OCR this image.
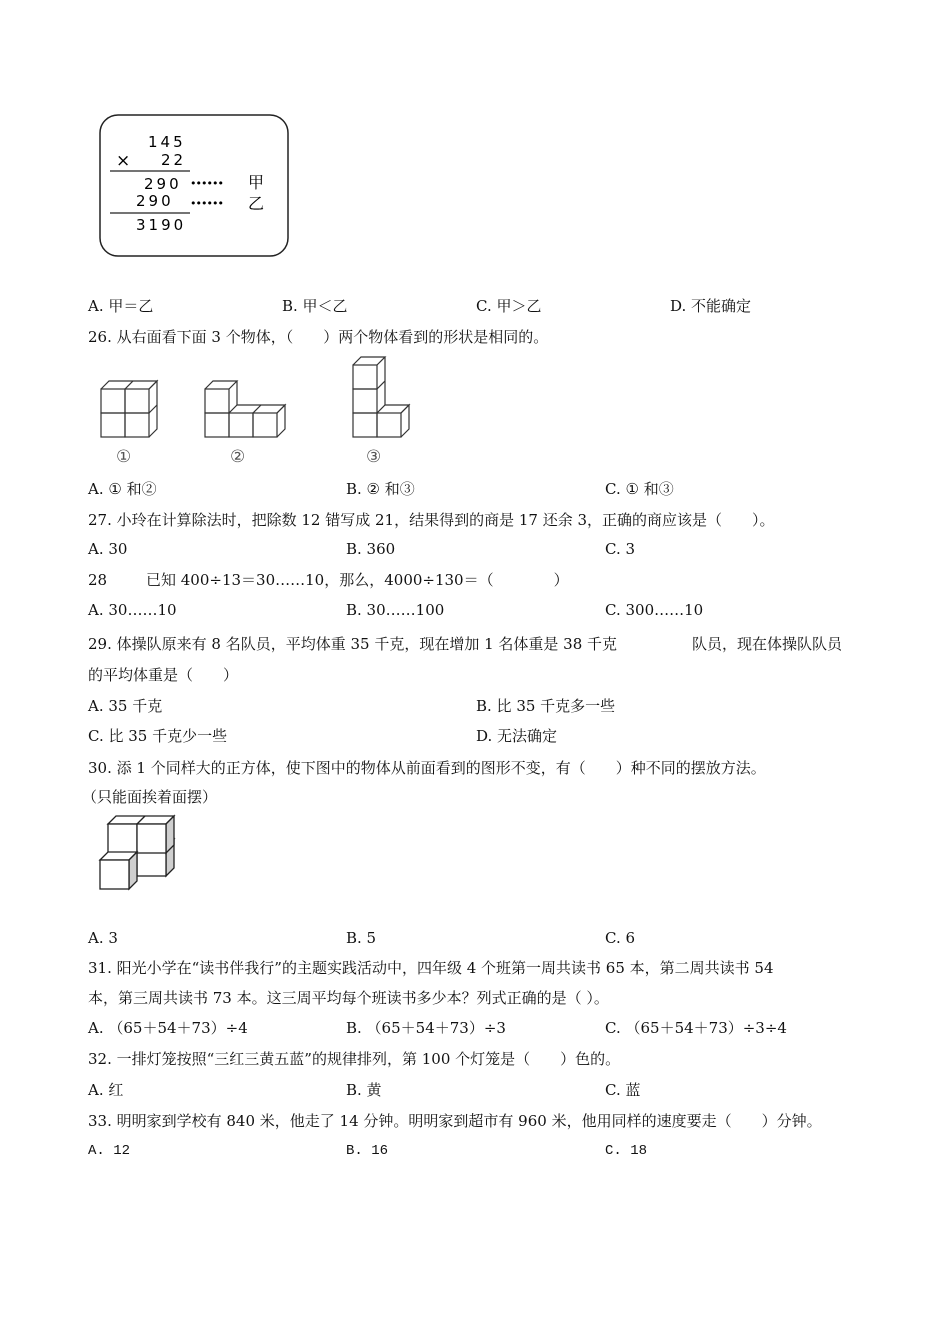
145
× 22
290 •••••• 甲
290 •••••• 乙
3190
A. 甲＝乙	B. 甲＜乙	C. 甲＞乙	D. 不能确定
26. 从右面看下面 3 个物体，（　　）两个物体看到的形状是相同的。
①	②	③
A. ① 和②	B. ② 和③	C. ① 和③
27. 小玲在计算除法时，把除数 12 错写成 21，结果得到的商是 17 还余 3，正确的商应该是（　　）。
A. 30	B. 360	C. 3
28	已知 400÷13＝30……10，那么，4000÷130＝（　　　　）
A. 30……10	B. 30……100	C. 300……10
29. 体操队原来有 8 名队员，平均体重 35 千克，现在增加 1 名体重是 38 千克	队员，现在体操队队员
的平均体重是（　　）
A. 35 千克	B. 比 35 千克多一些
C. 比 35 千克少一些	D. 无法确定
30. 添 1 个同样大的正方体，使下图中的物体从前面看到的图形不变，有（　　）种不同的摆放方法。
（只能面挨着面摆）
A. 3	B. 5	C. 6
31. 阳光小学在“读书伴我行”的主题实践活动中，四年级 4 个班第一周共读书 65 本，第二周共读书 54
本，第三周共读书 73 本。这三周平均每个班读书多少本？列式正确的是（ ）。
A. （65＋54＋73）÷4	B. （65＋54＋73）÷3	C. （65＋54＋73）÷3÷4
32. 一排灯笼按照“三红三黄五蓝”的规律排列，第 100 个灯笼是（　　）色的。
A. 红	B. 黄	C. 蓝
33. 明明家到学校有 840 米，他走了 14 分钟。明明家到超市有 960 米，他用同样的速度要走（　　）分钟。
A. 12	B. 16	C. 18
